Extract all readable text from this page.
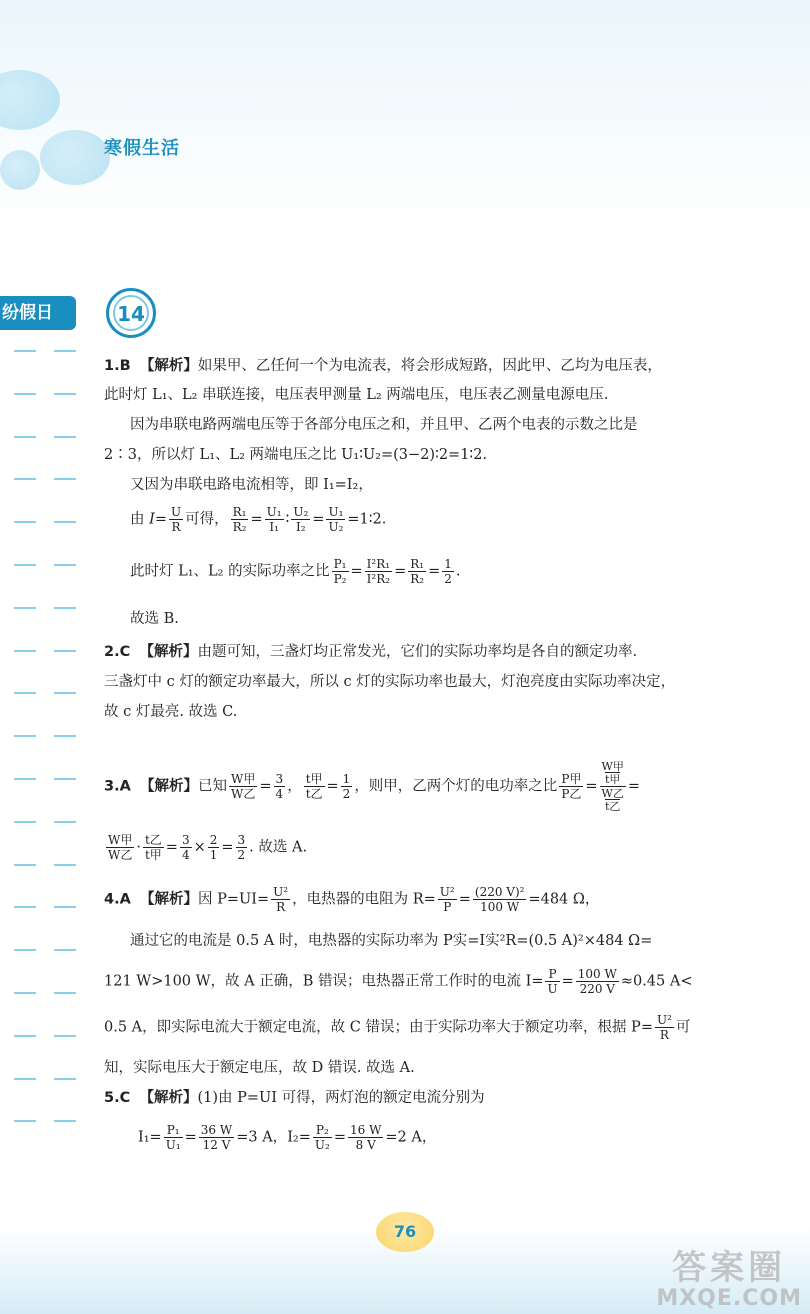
寒假生活
纷假日	14
1.B 【解析】如果甲、乙任何一个为电流表，将会形成短路，因此甲、乙均为电压表，
此时灯 L₁、L₂ 串联连接，电压表甲测量 L₂ 两端电压，电压表乙测量电源电压.
因为串联电路两端电压等于各部分电压之和，并且甲、乙两个电表的示数之比是
2∶3，所以灯 L₁、L₂ 两端电压之比 U₁∶U₂=(3−2)∶2=1∶2.
又因为串联电路电流相等，即 I₁=I₂，
由 $I= \frac{U}{R}$ 可得， $\frac{\text{R₁}}{\text{R₂}} = \frac{\text{U₁}}{\text{I₁}}$ ∶ $\frac{\text{U₂}}{\text{I₂}} = \frac{\text{U₁}}{\text{U₂}}$ =1∶2.
此时灯 L₁、L₂ 的实际功率之比 $\frac{\text{P₁}}{\text{P₂}} = \frac{\text{I²R₁}}{\text{I²R₂}} = \frac{\text{R₁}}{\text{R₂}} = \frac{1}{2}$ .
故选 B.
2.C 【解析】由题可知，三盏灯均正常发光，它们的实际功率均是各自的额定功率.
三盏灯中 c 灯的额定功率最大，所以 c 灯的实际功率也最大，灯泡亮度由实际功率决定，
故 c 灯最亮. 故选 C.
3.A 【解析】已知 $\frac{\text{W甲}}{\text{W乙}} = \frac{3}{4}$ ， $\frac{\text{t甲}}{\text{t乙}} = \frac{1}{2}$ ，则甲，乙两个灯的电功率之比 $\frac{\text{P甲}}{\text{P乙}}$ =
W甲
t甲
W乙
t乙
=
$\frac{\text{W甲}}{\text{W乙}} \cdot \frac{\text{t乙}}{\text{t甲}} = \frac{3}{4} \times \frac{2}{1} = \frac{3}{2}$ . 故选 A.
4.A 【解析】因 $P=UI= \frac{\text{U²}}{R}$ ，电热器的电阻为 $R= \frac{\text{U²}}{P} = \frac{\text{(220 V)²}}{100 W} =484$ Ω，
通过它的电流是 0.5 A 时，电热器的实际功率为 P实=I实²R=(0.5 A)²×484 Ω=
121 W>100 W，故 A 正确，B 错误；电热器正常工作时的电流 $I= \frac{P}{U} = \frac{100 W}{220 V} \approx 0.45$ A<
0.5 A，即实际电流大于额定电流，故 C 错误；由于实际功率大于额定功率，根据 $P= \frac{\text{U²}}{R}$ 可
知，实际电压大于额定电压，故 D 错误. 故选 A.
5.C 【解析】(1)由 P=UI 可得，两灯泡的额定电流分别为
$I_1= \frac{\text{P₁}}{\text{U₁}} = \frac{36 W}{12 V} =3$ A，$I_2= \frac{\text{P₂}}{\text{U₂}} = \frac{16 W}{8 V} =2$ A，
76
答案圈
MXQE.COM
